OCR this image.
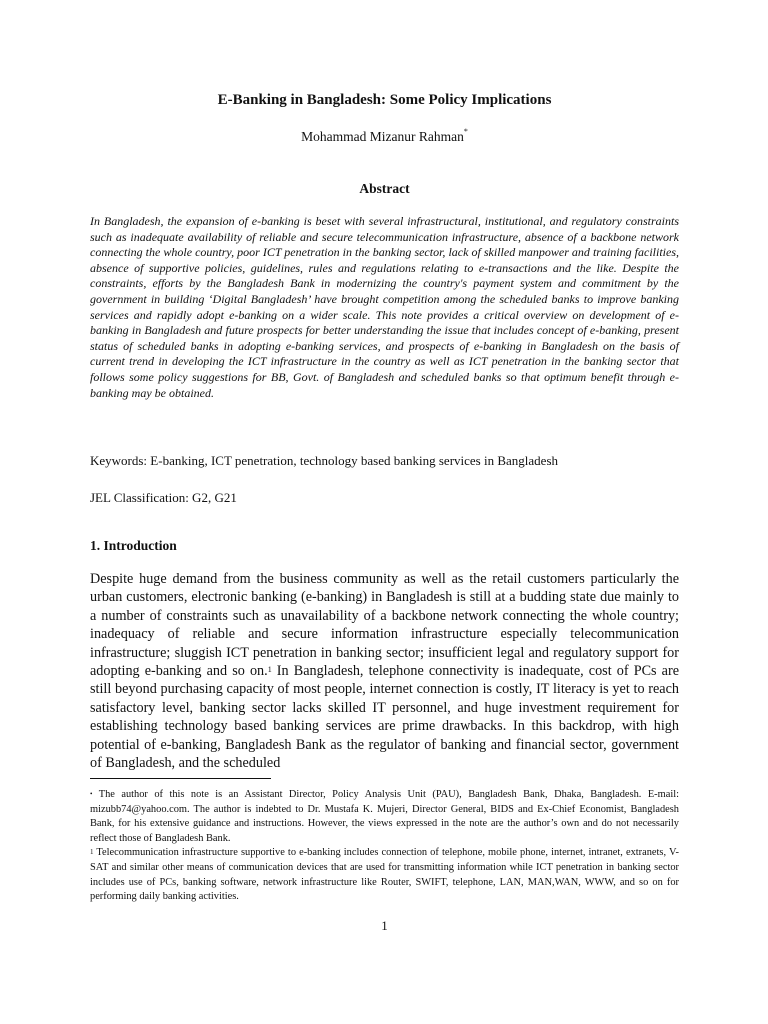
E-Banking in Bangladesh: Some Policy Implications
Mohammad Mizanur Rahman*
Abstract

In Bangladesh, the expansion of e-banking is beset with several infrastructural, institutional, and regulatory constraints such as inadequate availability of reliable and secure telecommunication infrastructure, absence of a backbone network connecting the whole country, poor ICT penetration in the banking sector, lack of skilled manpower and training facilities, absence of supportive policies, guidelines, rules and regulations relating to e-transactions and the like. Despite the constraints, efforts by the Bangladesh Bank in modernizing the country's payment system and commitment by the government in building ‘Digital Bangladesh’ have brought competition among the scheduled banks to improve banking services and rapidly adopt e-banking on a wider scale. This note provides a critical overview on development of e-banking in Bangladesh and future prospects for better understanding the issue that includes concept of e-banking, present status of scheduled banks in adopting e-banking services, and prospects of e-banking in Bangladesh on the basis of current trend in developing the ICT infrastructure in the country as well as ICT penetration in the banking sector that follows some policy suggestions for BB, Govt. of Bangladesh and scheduled banks so that optimum benefit through e-banking may be obtained.

Keywords: E-banking, ICT penetration, technology based banking services in Bangladesh

JEL Classification: G2, G21

1. Introduction

Despite huge demand from the business community as well as the retail customers particularly the urban customers, electronic banking (e-banking) in Bangladesh is still at a budding state due mainly to a number of constraints such as unavailability of a backbone network connecting the whole country; inadequacy of reliable and secure information infrastructure especially telecommunication infrastructure; sluggish ICT penetration in banking sector; insufficient legal and regulatory support for adopting e-banking and so on.$^1$ In Bangladesh, telephone connectivity is inadequate, cost of PCs are still beyond purchasing capacity of most people, internet connection is costly, IT literacy is yet to reach satisfactory level, banking sector lacks skilled IT personnel, and huge investment requirement for establishing technology based banking services are prime drawbacks. In this backdrop, with high potential of e-banking, Bangladesh Bank as the regulator of banking and financial sector, government of Bangladesh, and the scheduled

• The author of this note is an Assistant Director, Policy Analysis Unit (PAU), Bangladesh Bank, Dhaka, Bangladesh. E-mail: mizubb74@yahoo.com. The author is indebted to Dr. Mustafa K. Mujeri, Director General, BIDS and Ex-Chief Economist, Bangladesh Bank, for his extensive guidance and instructions. However, the views expressed in the note are the author’s own and do not necessarily reflect those of Bangladesh Bank.

$^1$ Telecommunication infrastructure supportive to e-banking includes connection of telephone, mobile phone, internet, intranet, extranets, V-SAT and similar other means of communication devices that are used for transmitting information while ICT penetration in banking sector includes use of PCs, banking software, network infrastructure like Router, SWIFT, telephone, LAN, MAN,WAN, WWW, and so on for performing daily banking activities.

1
